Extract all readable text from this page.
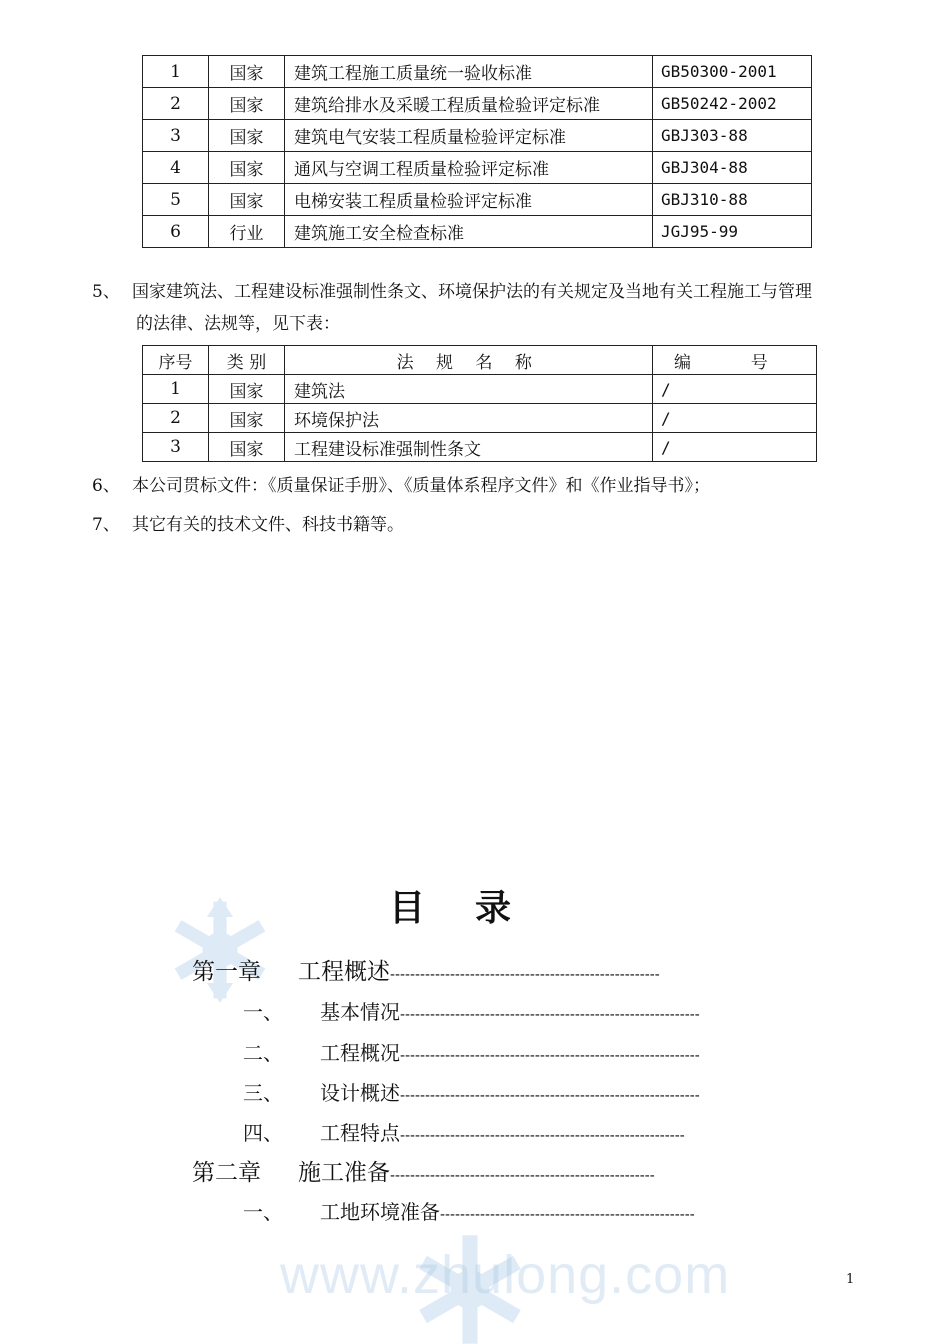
1	国家	建筑工程施工质量统一验收标准	GB50300-2001
2	国家	建筑给排水及采暖工程质量检验评定标准	GB50242-2002
3	国家	建筑电气安装工程质量检验评定标准	GBJ303-88
4	国家	通风与空调工程质量检验评定标准	GBJ304-88
5	国家	电梯安装工程质量检验评定标准	GBJ310-88
6	行业	建筑施工安全检查标准	JGJ95-99
5、 国家建筑法、工程建设标准强制性条文、环境保护法的有关规定及当地有关工程施工与管理
的法律、法规等，见下表：
序号	类 别	法 规 名 称	编 号
1	国家	建筑法	/
2	国家	环境保护法	/
3	国家	工程建设标准强制性条文	/
6、 本公司贯标文件：《质量保证手册》、《质量体系程序文件》和《作业指导书》；
7、 其它有关的技术文件、科技书籍等。
目录
第一章 工程概述------------------------------------------------------
一、 基本情况------------------------------------------------------------
二、 工程概况------------------------------------------------------------
三、 设计概述------------------------------------------------------------
四、 工程特点---------------------------------------------------------
第二章 施工准备-----------------------------------------------------
一、 工地环境准备---------------------------------------------------
www.zhulong.com	1
